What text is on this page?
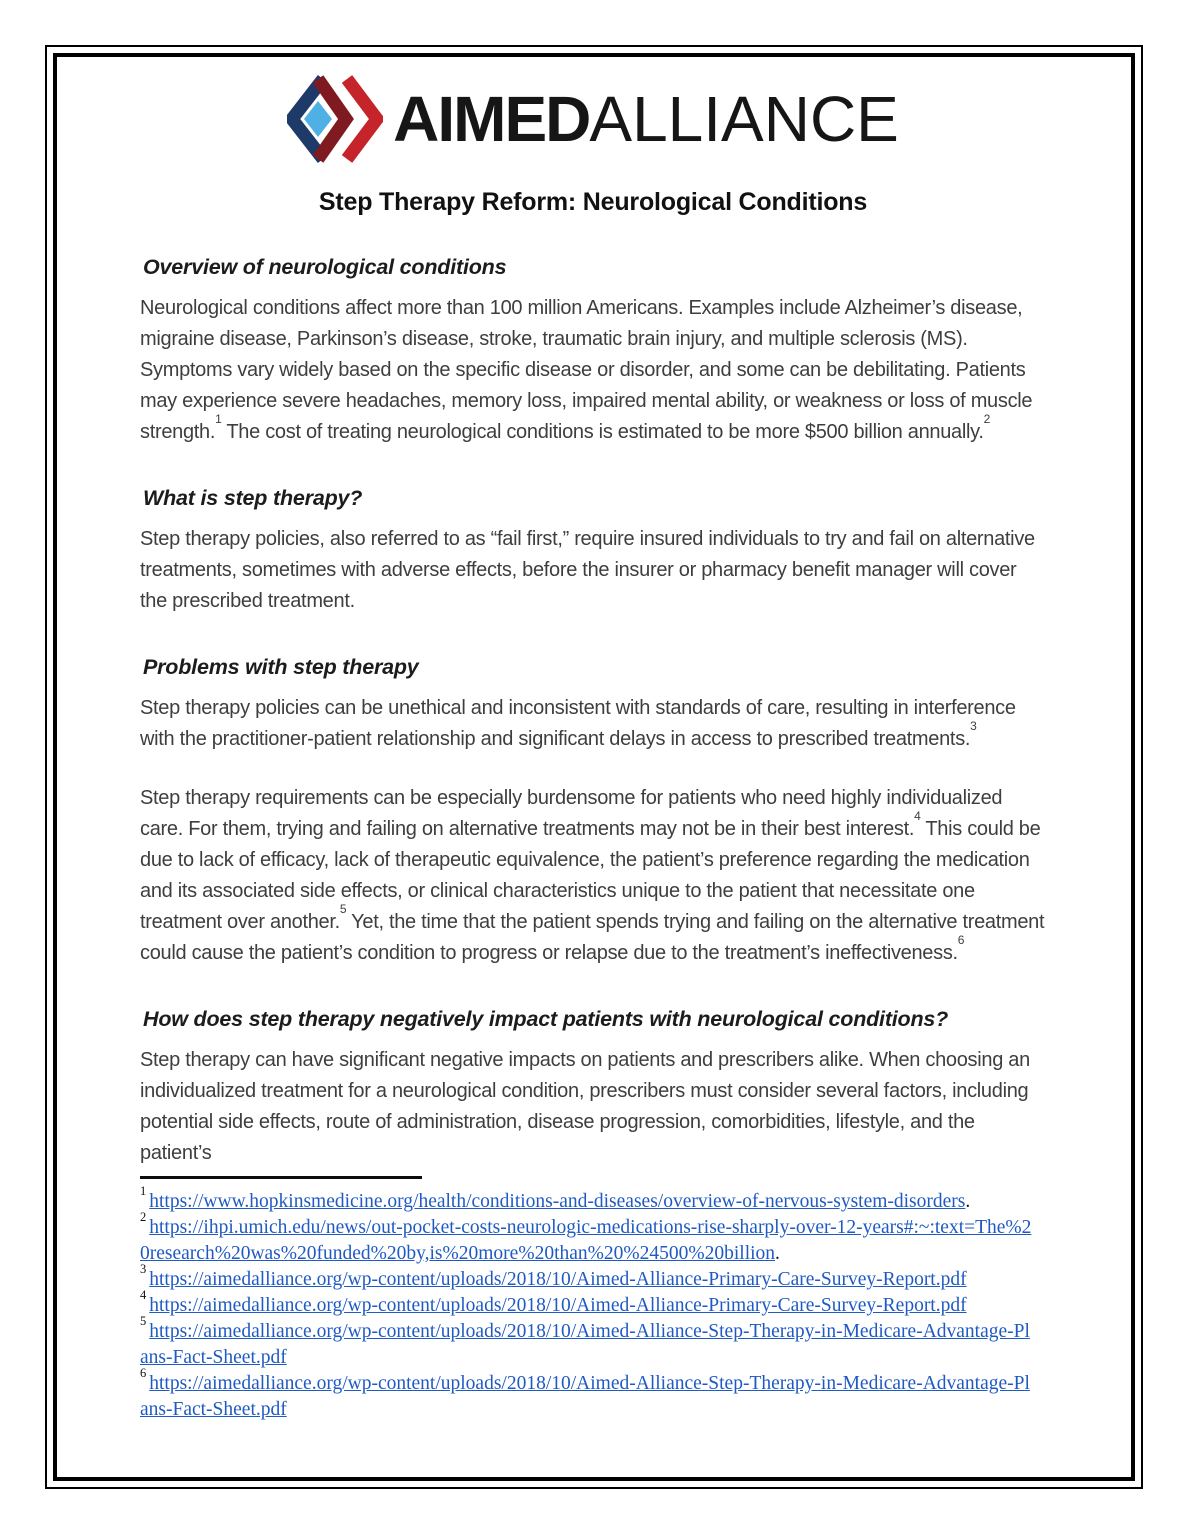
AIMEDALLIANCE
Step Therapy Reform: Neurological Conditions
Overview of neurological conditions

Neurological conditions affect more than 100 million Americans. Examples include Alzheimer’s disease, migraine disease, Parkinson’s disease, stroke, traumatic brain injury, and multiple sclerosis (MS). Symptoms vary widely based on the specific disease or disorder, and some can be debilitating. Patients may experience severe headaches, memory loss, impaired mental ability, or weakness or loss of muscle strength.$^1$ The cost of treating neurological conditions is estimated to be more $500 billion annually.$^2$

What is step therapy?

Step therapy policies, also referred to as “fail first,” require insured individuals to try and fail on alternative treatments, sometimes with adverse effects, before the insurer or pharmacy benefit manager will cover the prescribed treatment.

Problems with step therapy

Step therapy policies can be unethical and inconsistent with standards of care, resulting in interference with the practitioner-patient relationship and significant delays in access to prescribed treatments.$^3$

Step therapy requirements can be especially burdensome for patients who need highly individualized care. For them, trying and failing on alternative treatments may not be in their best interest.$^4$ This could be due to lack of efficacy, lack of therapeutic equivalence, the patient’s preference regarding the medication and its associated side effects, or clinical characteristics unique to the patient that necessitate one treatment over another.$^5$ Yet, the time that the patient spends trying and failing on the alternative treatment could cause the patient’s condition to progress or relapse due to the treatment’s ineffectiveness.$^6$

How does step therapy negatively impact patients with neurological conditions?

Step therapy can have significant negative impacts on patients and prescribers alike. When choosing an individualized treatment for a neurological condition, prescribers must consider several factors, including potential side effects, route of administration, disease progression, comorbidities, lifestyle, and the patient’s

$^1$https://www.hopkinsmedicine.org/health/conditions-and-diseases/overview-of-nervous-system-disorders.
$^2$https://ihpi.umich.edu/news/out-pocket-costs-neurologic-medications-rise-sharply-over-12-years#:~:text=The%20research%20was%20funded%20by,is%20more%20than%20%24500%20billion.
$^3$https://aimedalliance.org/wp-content/uploads/2018/10/Aimed-Alliance-Primary-Care-Survey-Report.pdf
$^4$https://aimedalliance.org/wp-content/uploads/2018/10/Aimed-Alliance-Primary-Care-Survey-Report.pdf
$^5$https://aimedalliance.org/wp-content/uploads/2018/10/Aimed-Alliance-Step-Therapy-in-Medicare-Advantage-Plans-Fact-Sheet.pdf
$^6$https://aimedalliance.org/wp-content/uploads/2018/10/Aimed-Alliance-Step-Therapy-in-Medicare-Advantage-Plans-Fact-Sheet.pdf
